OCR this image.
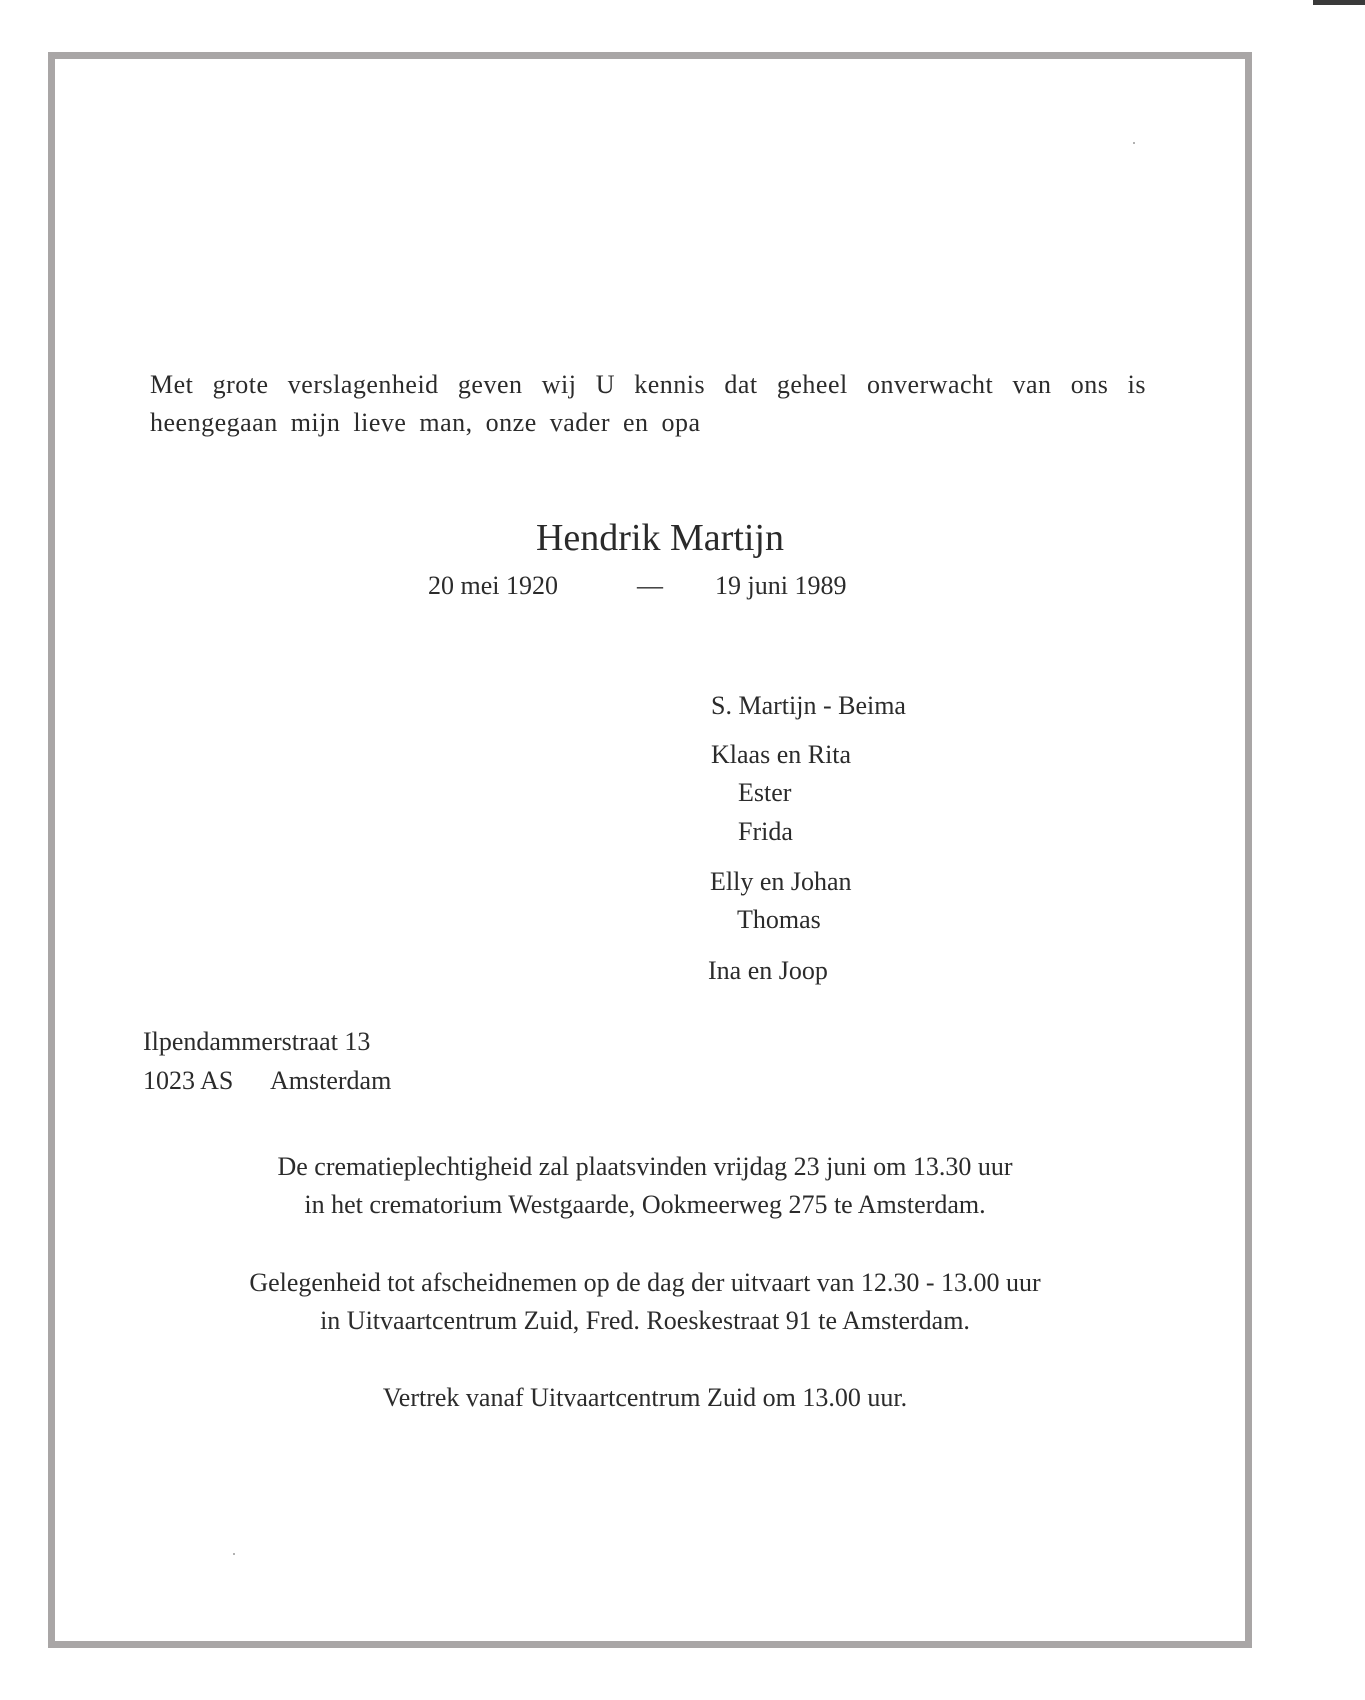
Met grote verslagenheid geven wij U kennis dat geheel onverwacht van ons is heengegaan mijn lieve man, onze vader en opa
Hendrik Martijn
20 mei 1920	— 19 juni 1989
S. Martijn - Beima
Klaas en Rita
Ester
Frida
Elly en Johan
Thomas
Ina en Joop
Ilpendammerstraat 13
1023 AS Amsterdam
De crematieplechtigheid zal plaatsvinden vrijdag 23 juni om 13.30 uur
in het crematorium Westgaarde, Ookmeerweg 275 te Amsterdam.
Gelegenheid tot afscheidnemen op de dag der uitvaart van 12.30 - 13.00 uur
in Uitvaartcentrum Zuid, Fred. Roeskestraat 91 te Amsterdam.
Vertrek vanaf Uitvaartcentrum Zuid om 13.00 uur.
